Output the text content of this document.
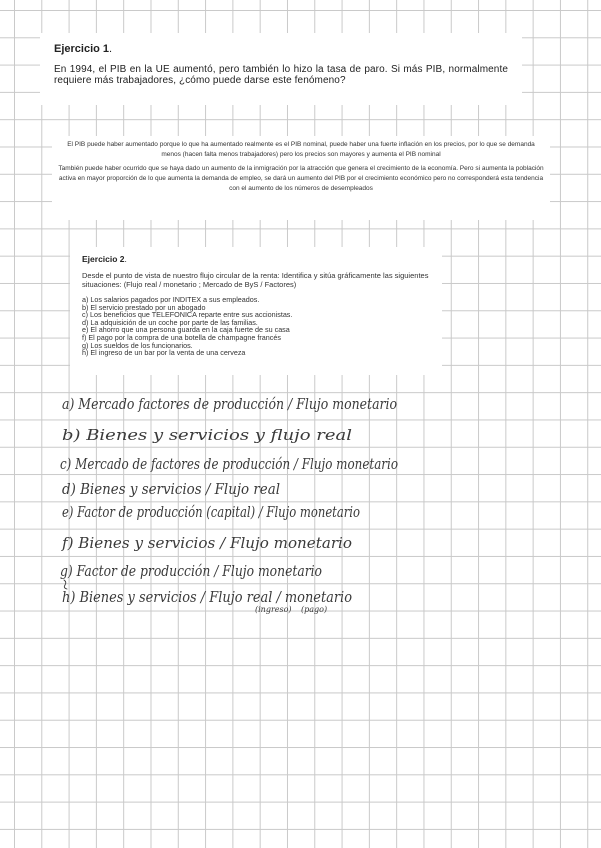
Ejercicio 1.

En 1994, el PIB en la UE aumentó, pero también lo hizo la tasa de paro. Si más PIB, normalmente requiere más trabajadores, ¿cómo puede darse este fenómeno?

El PIB puede haber aumentado porque lo que ha aumentado realmente es el PIB nominal, puede haber una fuerte inflación en los precios, por lo que se demanda menos (hacen falta menos trabajadores) pero los precios son mayores y aumenta el PIB nominal

También puede haber ocurrido que se haya dado un aumento de la inmigración por la atracción que genera el crecimiento de la economía. Pero si aumenta la población activa en mayor proporción de lo que aumenta la demanda de empleo, se dará un aumento del PIB por el crecimiento económico pero no corresponderá esta tendencia con el aumento de los números de desempleados

Ejercicio 2.

Desde el punto de vista de nuestro flujo circular de la renta: Identifica y sitúa gráficamente las siguientes situaciones: (Flujo real / monetario ; Mercado de ByS / Factores)

a) Los salarios pagados por INDITEX a sus empleados.
b) El servicio prestado por un abogado
c) Los beneficios que TELEFONICA reparte entre sus accionistas.
d) La adquisición de un coche por parte de las familias.
e) El ahorro que una persona guarda en la caja fuerte de su casa
f) El pago por la compra de una botella de champagne francés
g) Los sueldos de los funcionarios.
h) El ingreso de un bar por la venta de una cerveza
a) Mercado factores de producción / Flujo monetario
b) Bienes y servicios y flujo real
c) Mercado de factores de producción / Flujo monetario
d) Bienes y servicios / Flujo real
e) Factor de producción (capital) / Flujo monetario
f) Bienes y servicios / Flujo monetario
g) Factor de producción / Flujo monetario
h) Bienes y servicios / Flujo real / monetario
(ingreso) (pago)
